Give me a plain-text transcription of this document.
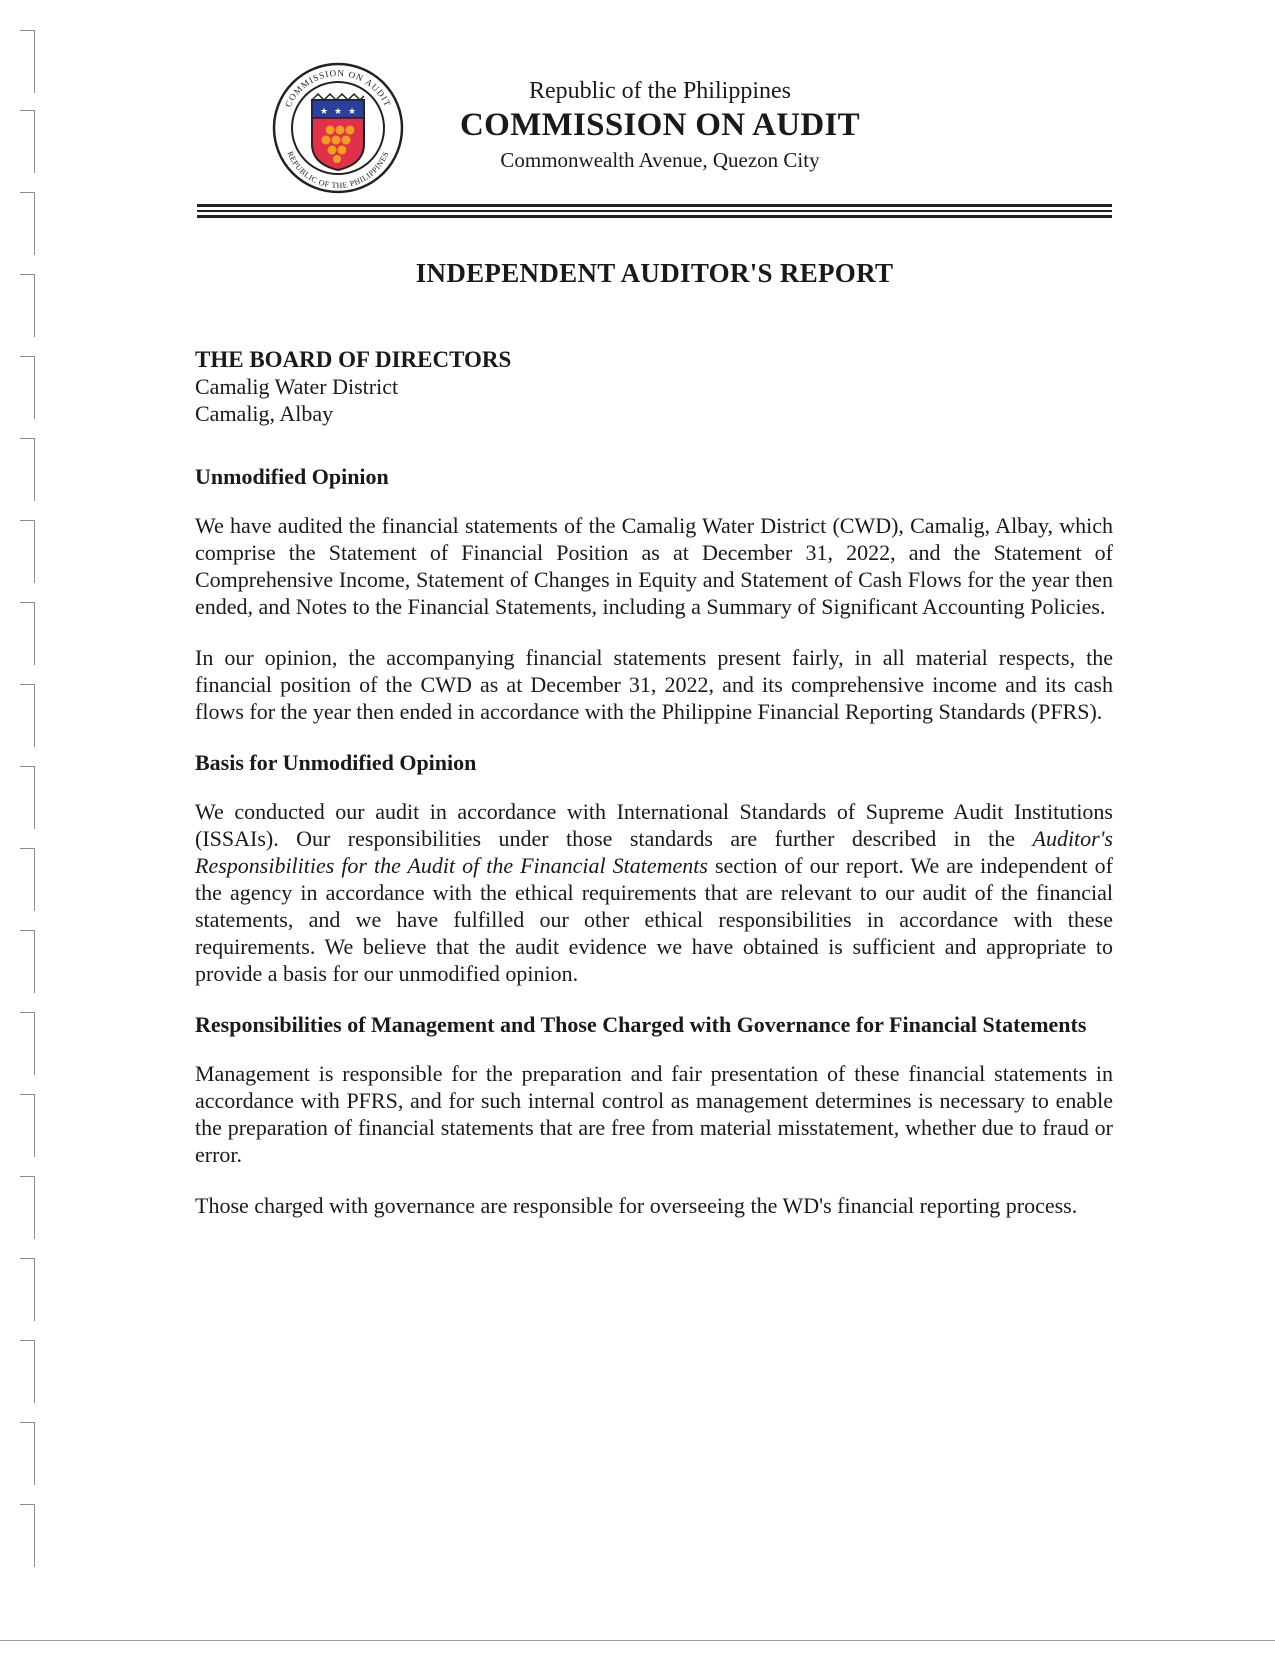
COMMISSION ON AUDIT
REPUBLIC OF THE PHILIPPINES
★ ★ ★
Republic of the Philippines
COMMISSION ON AUDIT
Commonwealth Avenue, Quezon City
INDEPENDENT AUDITOR'S REPORT
THE BOARD OF DIRECTORS
Camalig Water District
Camalig, Albay
Unmodified Opinion

We have audited the financial statements of the Camalig Water District (CWD), Camalig, Albay, which comprise the Statement of Financial Position as at December 31, 2022, and the Statement of Comprehensive Income, Statement of Changes in Equity and Statement of Cash Flows for the year then ended, and Notes to the Financial Statements, including a Summary of Significant Accounting Policies.

In our opinion, the accompanying financial statements present fairly, in all material respects, the financial position of the CWD as at December 31, 2022, and its comprehensive income and its cash flows for the year then ended in accordance with the Philippine Financial Reporting Standards (PFRS).

Basis for Unmodified Opinion

We conducted our audit in accordance with International Standards of Supreme Audit Institutions (ISSAIs). Our responsibilities under those standards are further described in the Auditor's Responsibilities for the Audit of the Financial Statements section of our report. We are independent of the agency in accordance with the ethical requirements that are relevant to our audit of the financial statements, and we have fulfilled our other ethical responsibilities in accordance with these requirements. We believe that the audit evidence we have obtained is sufficient and appropriate to provide a basis for our unmodified opinion.

Responsibilities of Management and Those Charged with Governance for Financial Statements

Management is responsible for the preparation and fair presentation of these financial statements in accordance with PFRS, and for such internal control as management determines is necessary to enable the preparation of financial statements that are free from material misstatement, whether due to fraud or error.

Those charged with governance are responsible for overseeing the WD's financial reporting process.
